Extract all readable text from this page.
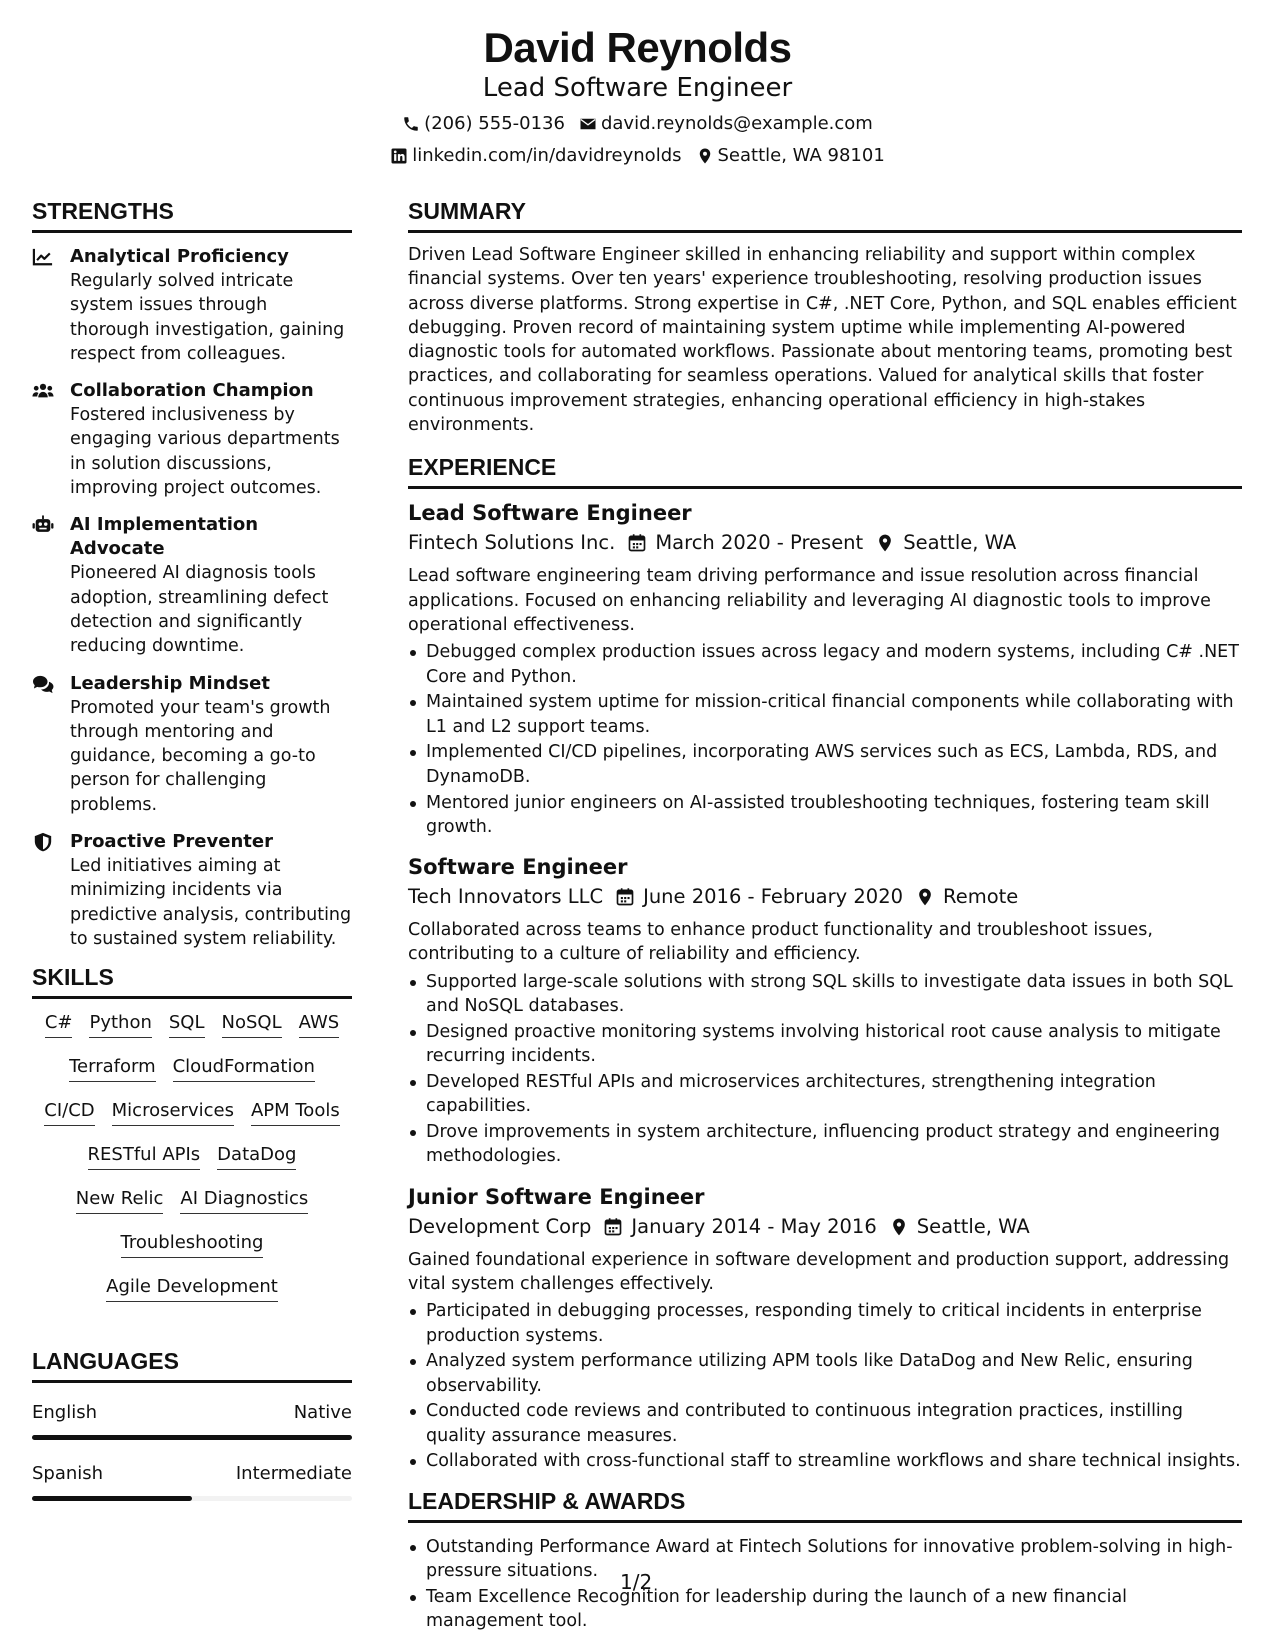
David Reynolds
Lead Software Engineer
(206) 555-0136 david.reynolds@example.com
linkedin.com/in/davidreynolds Seattle, WA 98101
STRENGTHS
Analytical Proficiency
Regularly solved intricate system issues through thorough investigation, gaining respect from colleagues.
Collaboration Champion
Fostered inclusiveness by engaging various departments in solution discussions, improving project outcomes.
AI Implementation Advocate
Pioneered AI diagnosis tools adoption, streamlining defect detection and significantly reducing downtime.
Leadership Mindset
Promoted your team's growth through mentoring and guidance, becoming a go-to person for challenging problems.
Proactive Preventer
Led initiatives aiming at minimizing incidents via predictive analysis, contributing to sustained system reliability.
SKILLS
C# Python SQL NoSQL AWS
Terraform CloudFormation
CI/CD Microservices APM Tools
RESTful APIs DataDog
New Relic AI Diagnostics
Troubleshooting
Agile Development
LANGUAGES
English	Native
Spanish	Intermediate
SUMMARY
Driven Lead Software Engineer skilled in enhancing reliability and support within complex financial systems. Over ten years' experience troubleshooting, resolving production issues across diverse platforms. Strong expertise in C#, .NET Core, Python, and SQL enables efficient debugging. Proven record of maintaining system uptime while implementing AI-powered diagnostic tools for automated workflows. Passionate about mentoring teams, promoting best practices, and collaborating for seamless operations. Valued for analytical skills that foster continuous improvement strategies, enhancing operational efficiency in high-stakes environments.
EXPERIENCE
Lead Software Engineer
Fintech Solutions Inc. March 2020 - Present Seattle, WA
Lead software engineering team driving performance and issue resolution across financial applications. Focused on enhancing reliability and leveraging AI diagnostic tools to improve operational effectiveness.
Debugged complex production issues across legacy and modern systems, including C# .NET Core and Python.
Maintained system uptime for mission-critical financial components while collaborating with L1 and L2 support teams.
Implemented CI/CD pipelines, incorporating AWS services such as ECS, Lambda, RDS, and DynamoDB.
Mentored junior engineers on AI-assisted troubleshooting techniques, fostering team skill growth.
Software Engineer
Tech Innovators LLC June 2016 - February 2020 Remote
Collaborated across teams to enhance product functionality and troubleshoot issues, contributing to a culture of reliability and efficiency.
Supported large-scale solutions with strong SQL skills to investigate data issues in both SQL and NoSQL databases.
Designed proactive monitoring systems involving historical root cause analysis to mitigate recurring incidents.
Developed RESTful APIs and microservices architectures, strengthening integration capabilities.
Drove improvements in system architecture, influencing product strategy and engineering methodologies.
Junior Software Engineer
Development Corp January 2014 - May 2016 Seattle, WA
Gained foundational experience in software development and production support, addressing vital system challenges effectively.
Participated in debugging processes, responding timely to critical incidents in enterprise production systems.
Analyzed system performance utilizing APM tools like DataDog and New Relic, ensuring observability.
Conducted code reviews and contributed to continuous integration practices, instilling quality assurance measures.
Collaborated with cross-functional staff to streamline workflows and share technical insights.
LEADERSHIP & AWARDS
Outstanding Performance Award at Fintech Solutions for innovative problem-solving in high-pressure situations.
Team Excellence Recognition for leadership during the launch of a new financial management tool.
1/2
